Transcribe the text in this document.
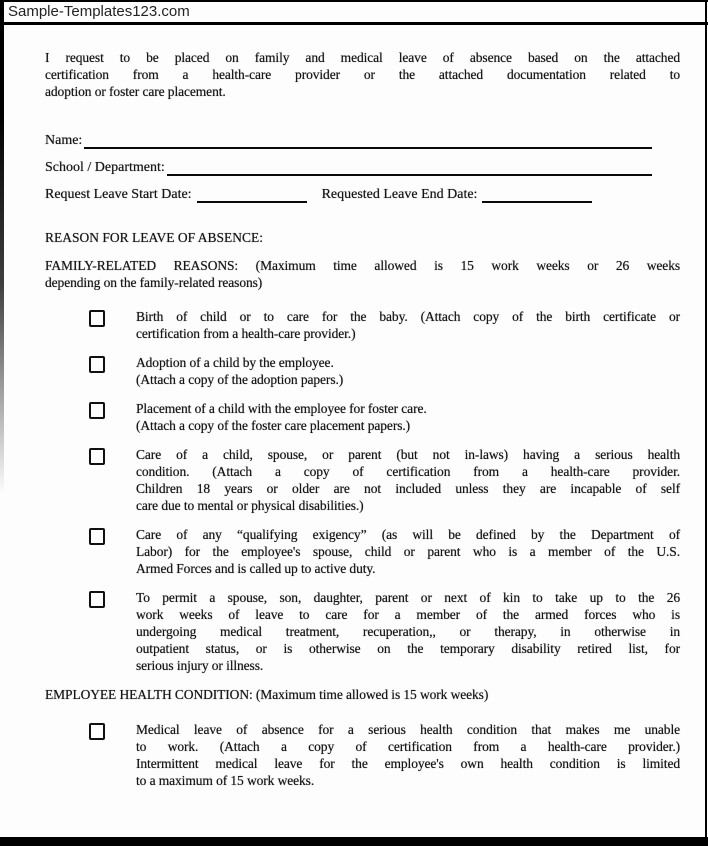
Sample-Templates123.com
I request to be placed on family and medical leave of absence based on the attached
certification from a health-care provider or the attached documentation related to
adoption or foster care placement.
Name:
School / Department:
Request Leave Start Date:	Requested Leave End Date:
REASON FOR LEAVE OF ABSENCE:
FAMILY-RELATED REASONS: (Maximum time allowed is 15 work weeks or 26 weeks
depending on the family-related reasons)
Birth of child or to care for the baby. (Attach copy of the birth certificate or
certification from a health-care provider.)
Adoption of a child by the employee.
(Attach a copy of the adoption papers.)
Placement of a child with the employee for foster care.
(Attach a copy of the foster care placement papers.)
Care of a child, spouse, or parent (but not in-laws) having a serious health
condition. (Attach a copy of certification from a health-care provider.
Children 18 years or older are not included unless they are incapable of self
care due to mental or physical disabilities.)
Care of any “qualifying exigency” (as will be defined by the Department of
Labor) for the employee's spouse, child or parent who is a member of the U.S.
Armed Forces and is called up to active duty.
To permit a spouse, son, daughter, parent or next of kin to take up to the 26
work weeks of leave to care for a member of the armed forces who is
undergoing medical treatment, recuperation,, or therapy, in otherwise in
outpatient status, or is otherwise on the temporary disability retired list, for
serious injury or illness.
EMPLOYEE HEALTH CONDITION: (Maximum time allowed is 15 work weeks)
Medical leave of absence for a serious health condition that makes me unable
to work. (Attach a copy of certification from a health-care provider.)
Intermittent medical leave for the employee's own health condition is limited
to a maximum of 15 work weeks.
